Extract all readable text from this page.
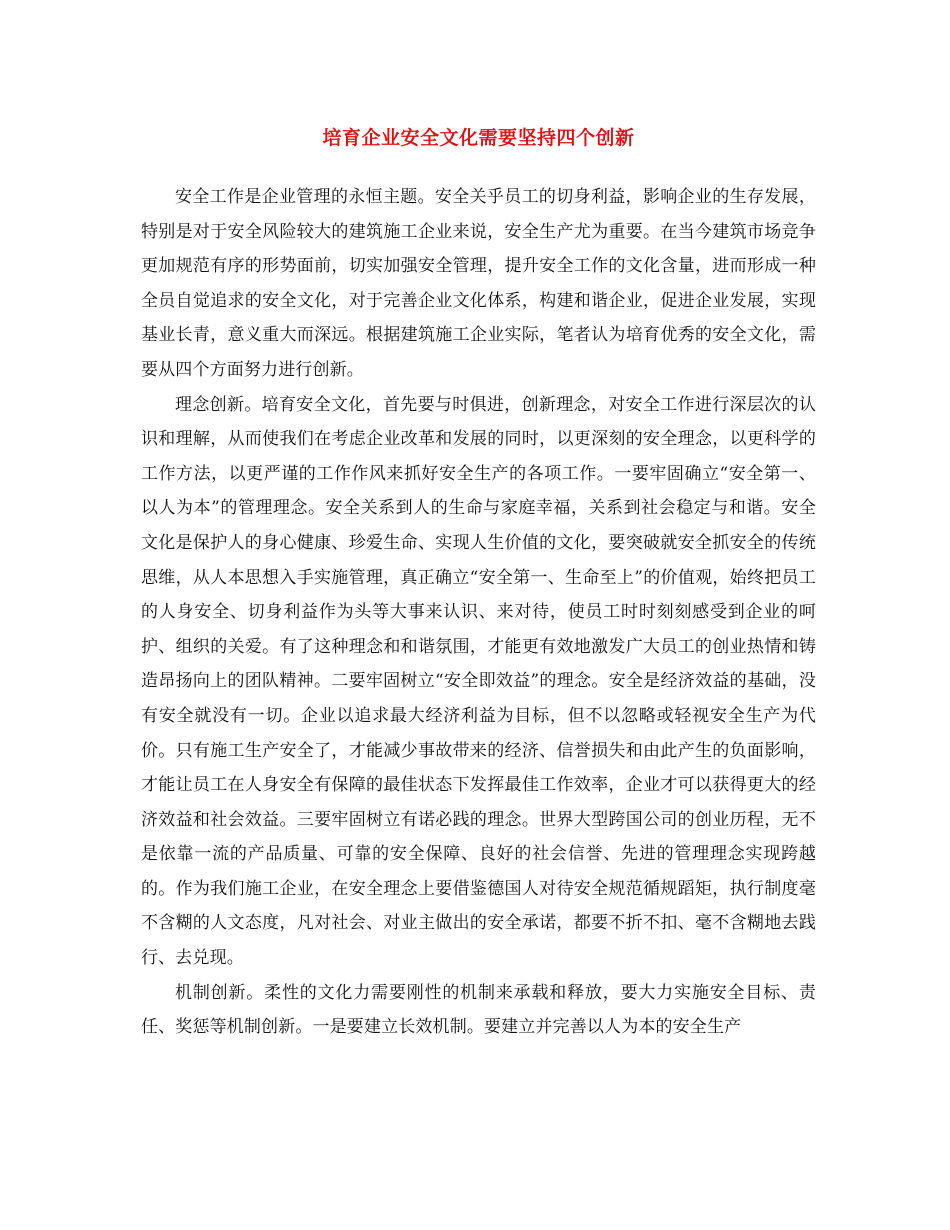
培育企业安全文化需要坚持四个创新

安全工作是企业管理的永恒主题。安全关乎员工的切身利益，影响企业的生存发展，特别是对于安全风险较大的建筑施工企业来说，安全生产尤为重要。在当今建筑市场竞争更加规范有序的形势面前，切实加强安全管理，提升安全工作的文化含量，进而形成一种全员自觉追求的安全文化，对于完善企业文化体系，构建和谐企业，促进企业发展，实现基业长青，意义重大而深远。根据建筑施工企业实际，笔者认为培育优秀的安全文化，需要从四个方面努力进行创新。

理念创新。培育安全文化，首先要与时俱进，创新理念，对安全工作进行深层次的认识和理解，从而使我们在考虑企业改革和发展的同时，以更深刻的安全理念，以更科学的工作方法，以更严谨的工作作风来抓好安全生产的各项工作。一要牢固确立“安全第一、以人为本”的管理理念。安全关系到人的生命与家庭幸福，关系到社会稳定与和谐。安全文化是保护人的身心健康、珍爱生命、实现人生价值的文化，要突破就安全抓安全的传统思维，从人本思想入手实施管理，真正确立“安全第一、生命至上”的价值观，始终把员工的人身安全、切身利益作为头等大事来认识、来对待，使员工时时刻刻感受到企业的呵护、组织的关爱。有了这种理念和和谐氛围，才能更有效地激发广大员工的创业热情和铸造昂扬向上的团队精神。二要牢固树立“安全即效益”的理念。安全是经济效益的基础，没有安全就没有一切。企业以追求最大经济利益为目标，但不以忽略或轻视安全生产为代价。只有施工生产安全了，才能减少事故带来的经济、信誉损失和由此产生的负面影响，才能让员工在人身安全有保障的最佳状态下发挥最佳工作效率，企业才可以获得更大的经济效益和社会效益。三要牢固树立有诺必践的理念。世界大型跨国公司的创业历程，无不是依靠一流的产品质量、可靠的安全保障、良好的社会信誉、先进的管理理念实现跨越的。作为我们施工企业，在安全理念上要借鉴德国人对待安全规范循规蹈矩，执行制度毫不含糊的人文态度，凡对社会、对业主做出的安全承诺，都要不折不扣、毫不含糊地去践行、去兑现。

机制创新。柔性的文化力需要刚性的机制来承载和释放，要大力实施安全目标、责任、奖惩等机制创新。一是要建立长效机制。要建立并完善以人为本的安全生产
